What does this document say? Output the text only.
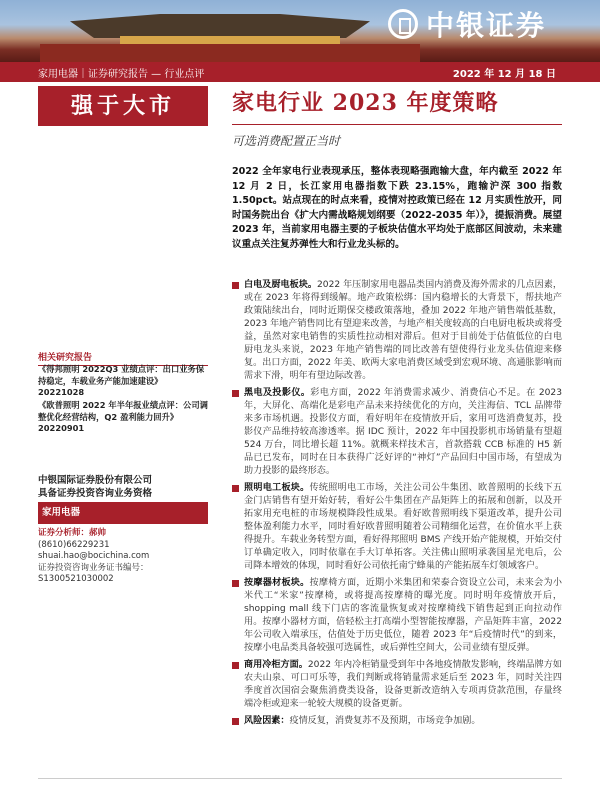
中银证券
家用电器｜证券研究报告 — 行业点评	2022 年 12 月 18 日
强于大市	家电行业 2023 年度策略
可选消费配置正当时
2022 全年家电行业表现承压，整体表现略强跑输大盘，年内截至 2022 年 12 月 2 日，长江家用电器指数下跌 23.15%，跑输沪深 300 指数 1.50pct。站点现在的时点来看，疫情对控政策已经在 12 月实质性放开，同时国务院出台《扩大内需战略规划纲要（2022-2035 年）》，提振消费。展望 2023 年，当前家用电器主要的子板块估值水平均处于底部区间波动，未来建议重点关注复苏弹性大和行业龙头标的。
白电及厨电板块。2022 年压制家用电器品类国内消费及海外需求的几点因素，或在 2023 年将得到缓解。地产政策松绑：国内稳增长的大背景下，帮扶地产政策陆续出台，同时近期保交楼政策落地，叠加 2022 年地产销售端低基数，2023 年地产销售同比有望迎来改善，与地产相关度较高的白电厨电板块或将受益，虽然对家电销售的实质性拉动相对滞后。但对于目前处于估值低位的白电厨电龙头来说，2023 年地产销售端的同比改善有望使得行业龙头估值迎来修复。出口方面，2022 年美、欧两大家电消费区域受到宏观环境、高通胀影响而需求下滑，明年有望边际改善。
黑电及投影仪。彩电方面，2022 年消费需求减少、消费信心不足。在 2023 年，大屏化、高端化是彩电产品未来持续优化的方向，关注海信、TCL 品牌带来多市场机遇。投影仪方面，看好明年在疫情放开后，家用可选消费复苏，投影仪产品维持较高渗透率。据 IDC 预计，2022 年中国投影机市场销量有望超 524 万台，同比增长超 11%。就概来样技术言，首款搭载 CCB 标准的 H5 新品已已发布，同时在日本获得广泛好评的“神灯”产品回归中国市场，有望成为助力投影的最终形态。
照明电工板块。传统照明电工市场，关注公司公牛集团、欧普照明的长线下五金门店销售有望开始好转，看好公牛集团在产品矩阵上的拓展和创新，以及开拓家用充电桩的市场规模降段性成果。看好欧普照明线下渠道改革，提升公司整体盈利能力水平，同时看好欧普照明随着公司精细化运营，在价值水平上获得提升。车载业务转型方面，看好得邦照明 BMS 产线开始产能规模，开始交付订单确定收入，同时依靠在手大订单拓客。关注佛山照明承袭国星光电后，公司降本增效的体现，同时看好公司依托南宁蜂巢的产能拓展车灯领域客户。
按摩器材板块。按摩椅方面，近期小米集团和荣泰合资设立公司，未来会为小米代工“米家”按摩椅，或将提高按摩椅的曝光度。同时明年疫情放开后，shopping mall 线下门店的客流量恢复或对按摩椅线下销售起到正向拉动作用。按摩小器材方面，倍轻松主打高端小型智能按摩器，产品矩阵丰富，2022 年公司收入端承压，估值处于历史低位，随着 2023 年“后疫情时代”的到来，按摩小电品类具备较强可选属性，或后弹性空间大，公司业绩有望反弹。
商用冷柜方面。2022 年内冷柜销量受到年中各地疫情散发影响，终端品牌方如农夫山泉、可口可乐等，我们判断或将销量需求延后至 2023 年，同时关注四季度首次国宿会聚焦消费类设备，设备更新改造纳入专项再贷款范围，存量终端冷柜或迎来一轮较大规模的设备更新。
风险因素：疫情反复，消费复苏不及预期，市场竞争加剧。
相关研究报告
《得邦照明 2022Q3 业绩点评：出口业务保持稳定，车载业务产能加速建设》20221028
《欧普照明 2022 年半年报业绩点评：公司调整优化经营结构，Q2 盈利能力回升》20220901
中银国际证券股份有限公司
具备证券投资咨询业务资格
家用电器
证券分析师：郝帅
(8610)66229231
shuai.hao@bocichina.com
证券投资咨询业务证书编号：S1300521030002
